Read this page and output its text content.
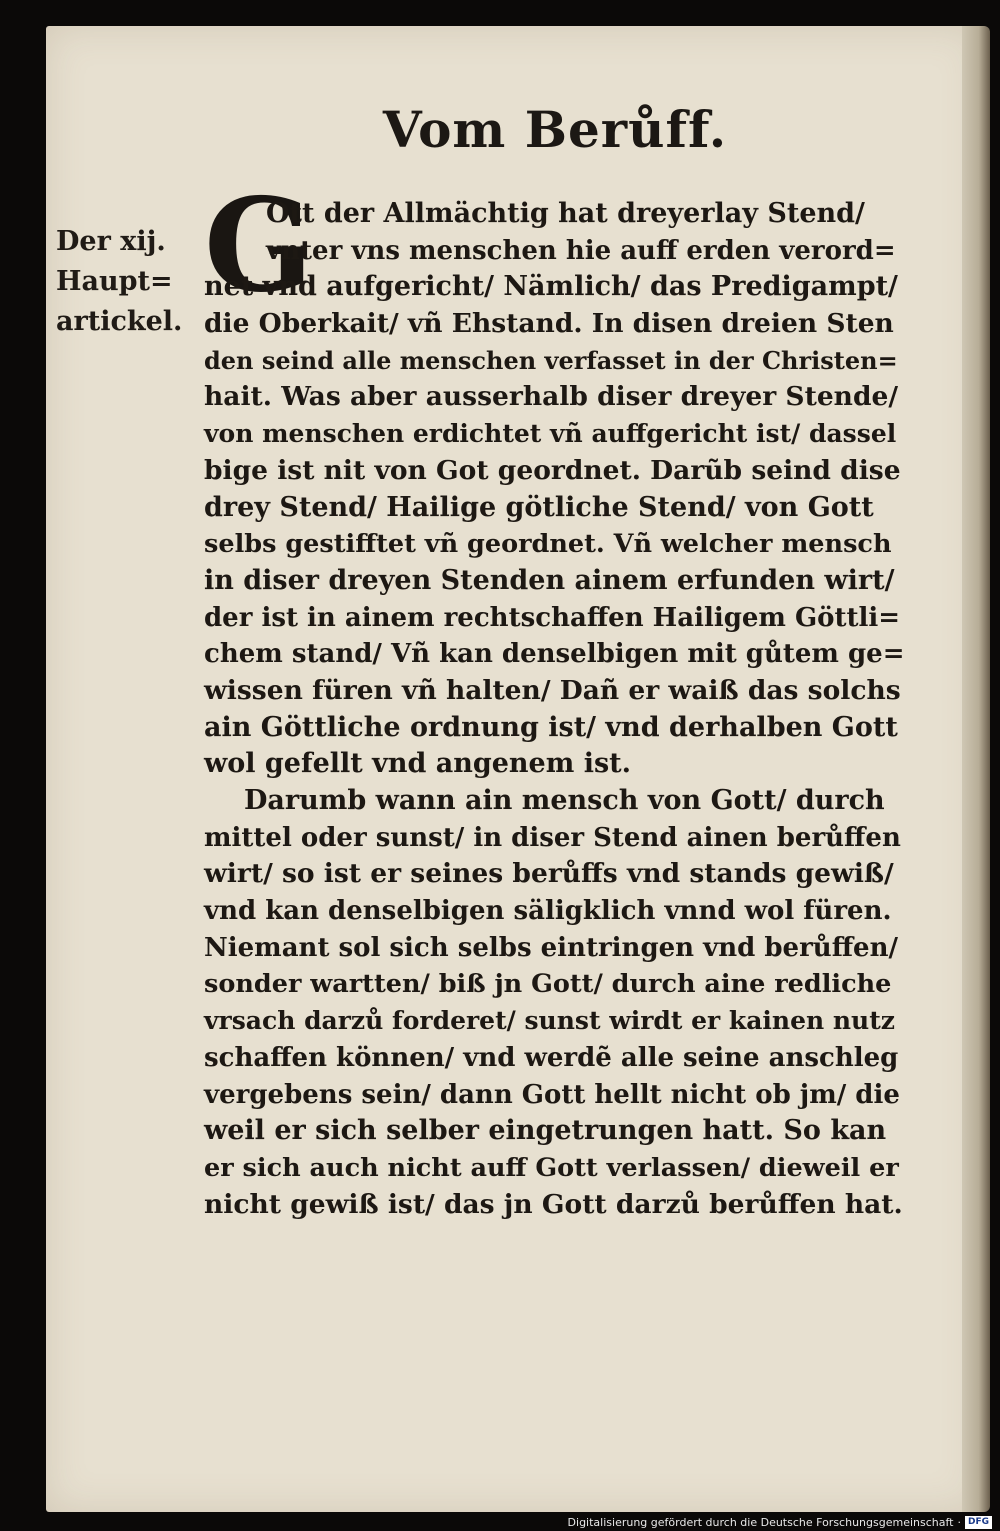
Vom Berůff.
Der xij.
Haupt=
artickel.
G
Ott der Allmächtig hat dreyerlay Stend/
vnter vns menschen hie auff erden verord=
net vnd aufgericht/ Nämlich/ das Predigampt/
die Oberkait/ vñ Ehstand. In disen dreien Sten
den seind alle menschen verfasset in der Christen=
hait. Was aber ausserhalb diser dreyer Stende/
von menschen erdichtet vñ auffgericht ist/ dassel
bige ist nit von Got geordnet. Darũb seind dise
drey Stend/ Hailige götliche Stend/ von Gott
selbs gestifftet vñ geordnet. Vñ welcher mensch
in diser dreyen Stenden ainem erfunden wirt/
der ist in ainem rechtschaffen Hailigem Göttli=
chem stand/ Vñ kan denselbigen mit gůtem ge=
wissen füren vñ halten/ Dañ er waiß das solchs
ain Göttliche ordnung ist/ vnd derhalben Gott
wol gefellt vnd angenem ist.
Darumb wann ain mensch von Gott/ durch
mittel oder sunst/ in diser Stend ainen berůffen
wirt/ so ist er seines berůffs vnd stands gewiß/
vnd kan denselbigen säligklich vnnd wol füren.
Niemant sol sich selbs eintringen vnd berůffen/
sonder wartten/ biß jn Gott/ durch aine redliche
vrsach darzů forderet/ sunst wirdt er kainen nutz
schaffen können/ vnd werdẽ alle seine anschleg
vergebens sein/ dann Gott hellt nicht ob jm/ die
weil er sich selber eingetrungen hatt. So kan
er sich auch nicht auff Gott verlassen/ dieweil er
nicht gewiß ist/ das jn Gott darzů berůffen hat.
Digitalisierung gefördert durch die Deutsche Forschungsgemeinschaft · DFG
